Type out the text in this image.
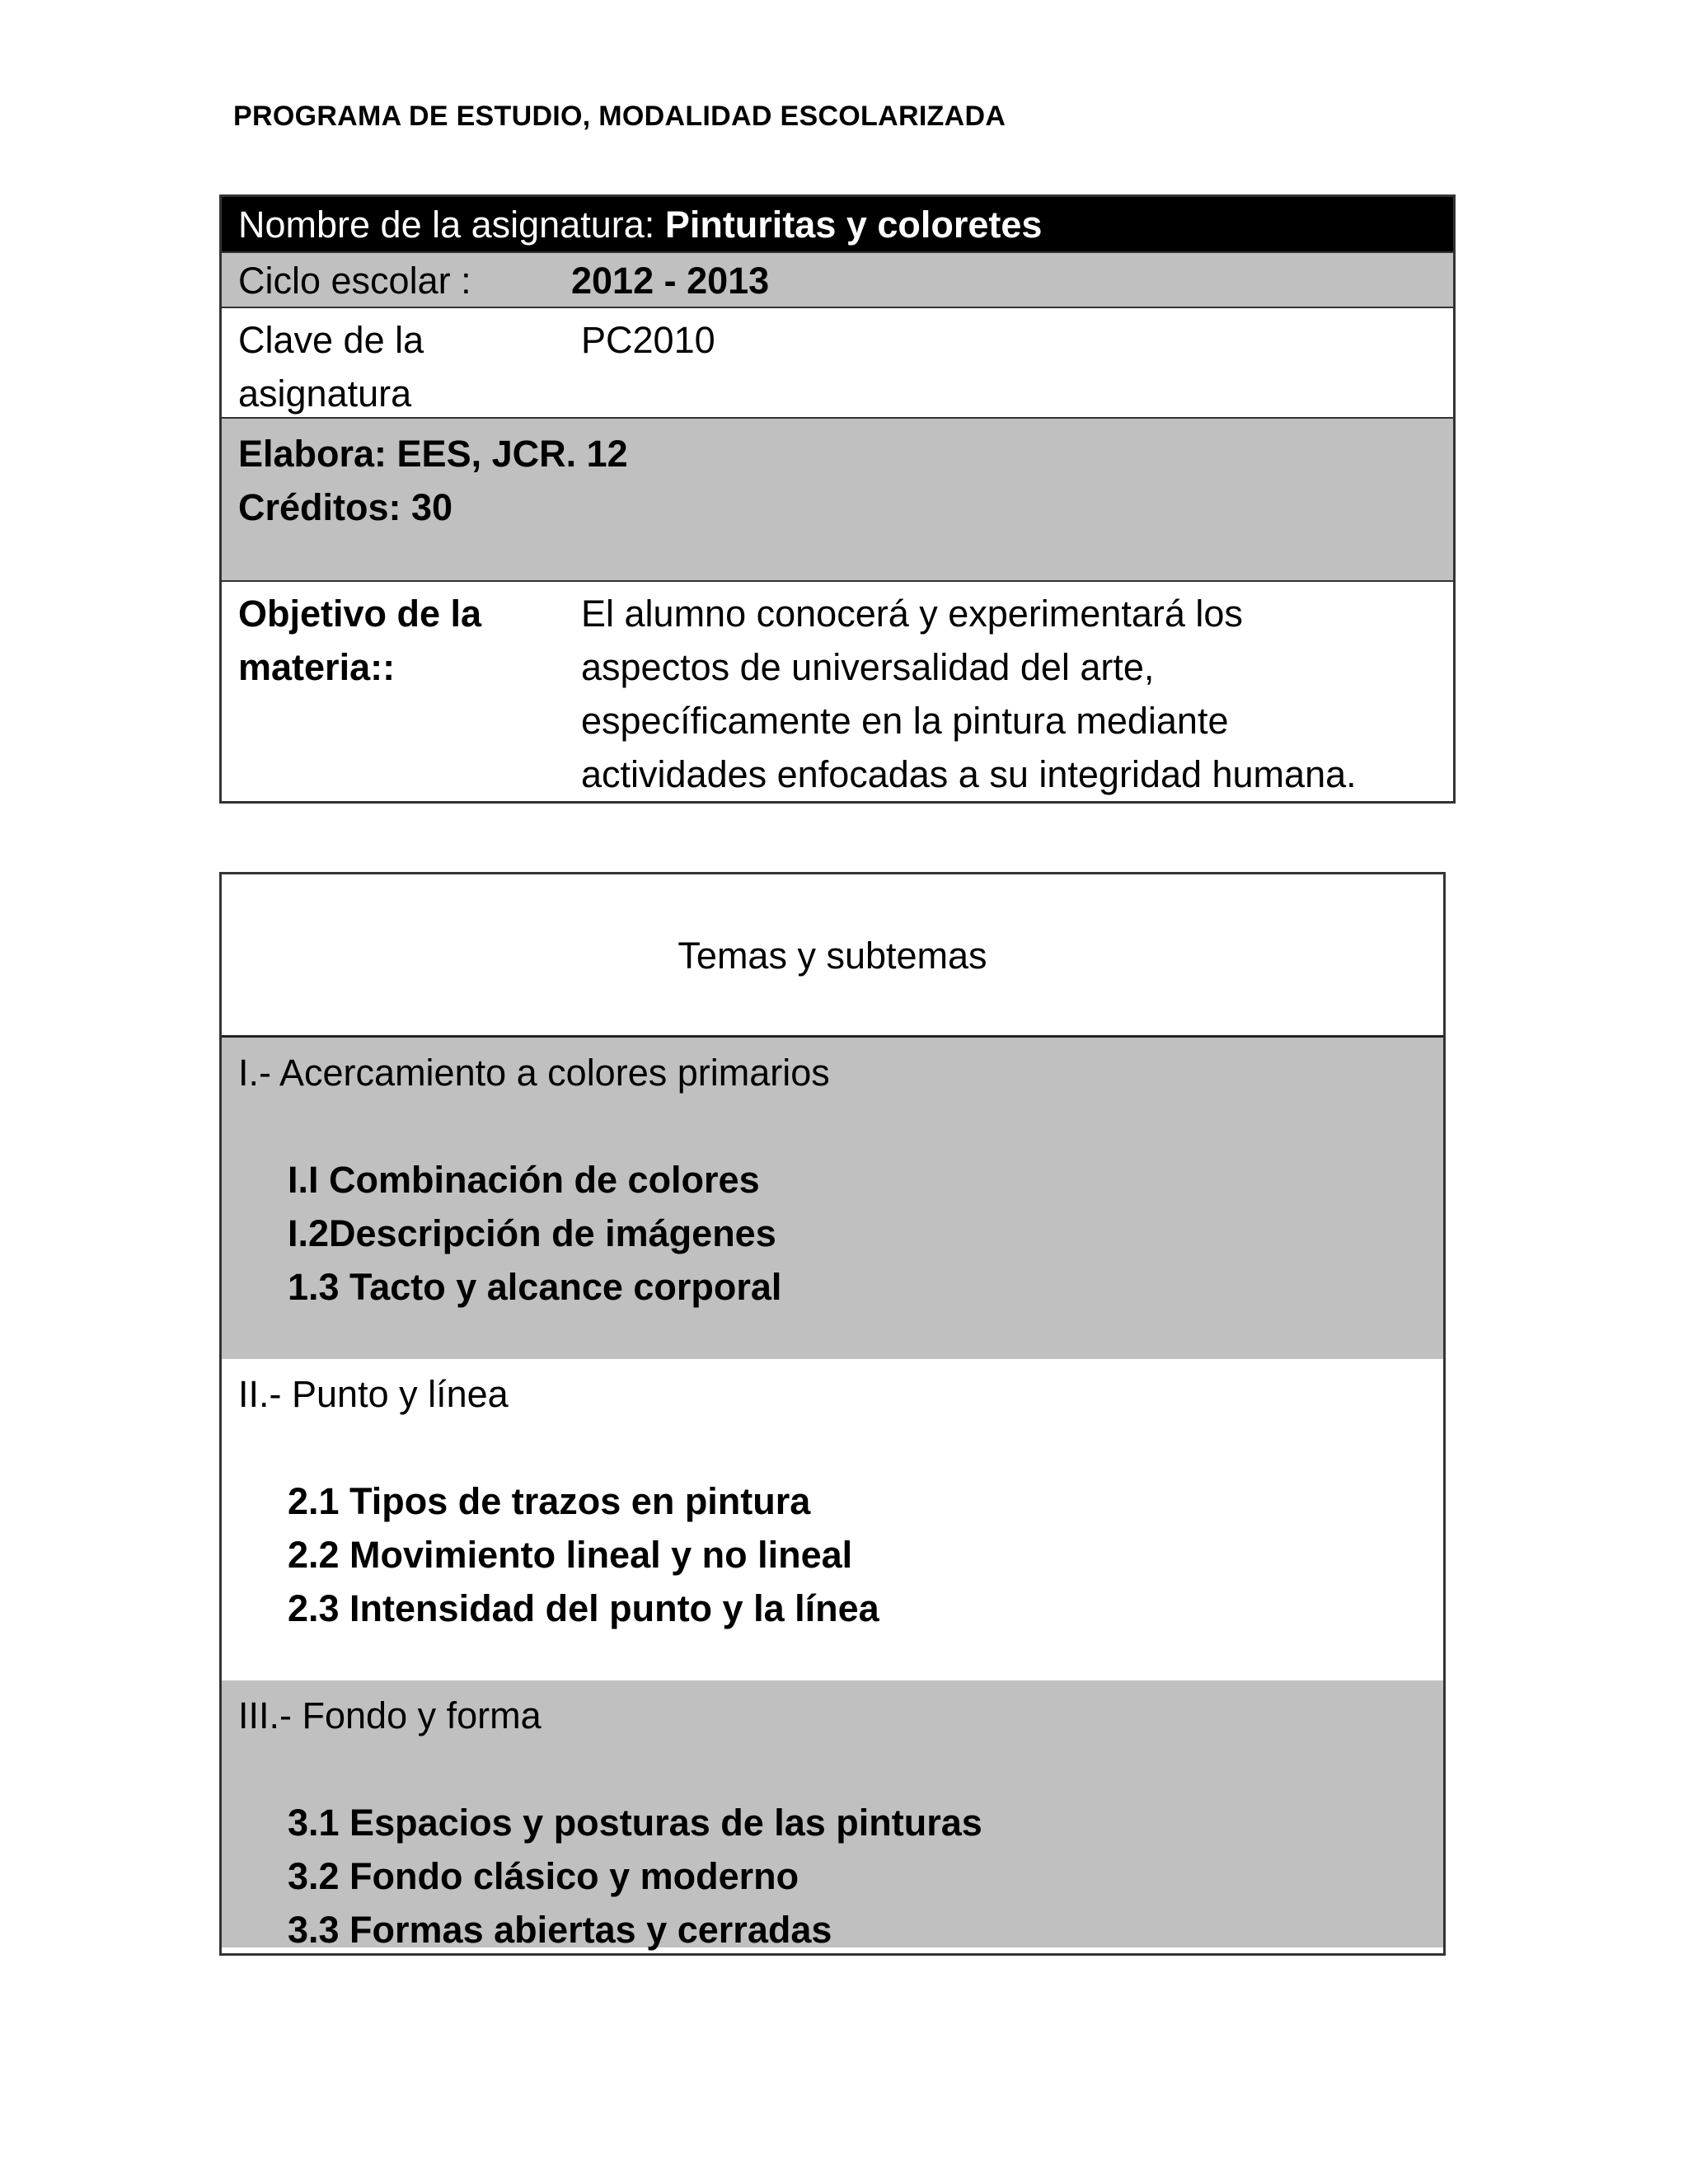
PROGRAMA DE ESTUDIO, MODALIDAD ESCOLARIZADA
Nombre de la asignatura: Pinturitas y coloretes
Ciclo escolar :	2012 - 2013
Clave de la
asignatura
PC2010
Elabora: EES, JCR. 12
Créditos: 30
Objetivo de la
materia::
El alumno conocerá y experimentará los
aspectos de universalidad del arte,
específicamente en la pintura mediante
actividades enfocadas a su integridad humana.
Temas y subtemas
I.- Acercamiento a colores primarios
I.I Combinación de colores
I.2Descripción de imágenes
1.3 Tacto y alcance corporal
II.- Punto y línea
2.1 Tipos de trazos en pintura
2.2 Movimiento lineal y no lineal
2.3 Intensidad del punto y la línea
III.- Fondo y forma
3.1 Espacios y posturas de las pinturas
3.2 Fondo clásico y moderno
3.3 Formas abiertas y cerradas
